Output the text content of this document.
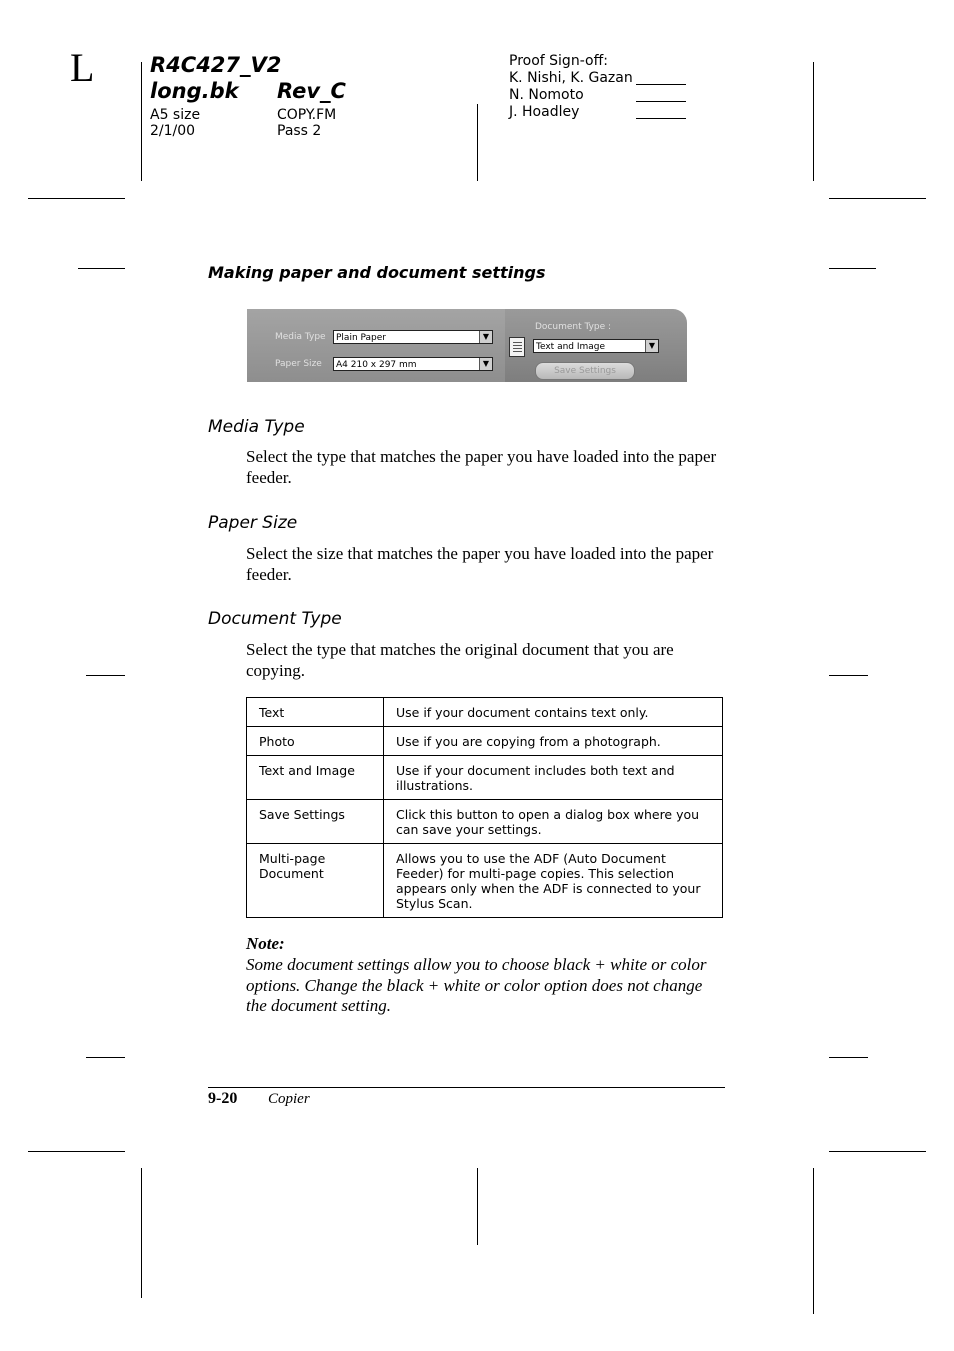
L	R4C427_V2
long.bk Rev_C
A5 size
2/1/00
COPY.FM
Pass 2
Proof Sign-off:
K. Nishi, K. Gazan
N. Nomoto
J. Hoadley
Making paper and document settings
Media Type	Plain Paper	▼
Paper Size	A4 210 x 297 mm	▼
Document Type :
Text and Image	▼
Save Settings
Media Type
Select the type that matches the paper you have loaded into the paper feeder.
Paper Size
Select the size that matches the paper you have loaded into the paper feeder.
Document Type
Select the type that matches the original document that you are copying.
Text	Use if your document contains text only.
Photo	Use if you are copying from a photograph.
Text and Image	Use if your document includes both text and illustrations.
Save Settings	Click this button to open a dialog box where you can save your settings.
Multi-page Document	Allows you to use the ADF (Auto Document Feeder) for multi-page copies. This selection appears only when the ADF is connected to your Stylus Scan.
Note:
Some document settings allow you to choose black + white or color options. Change the black + white or color option does not change the document setting.
9-20 Copier
